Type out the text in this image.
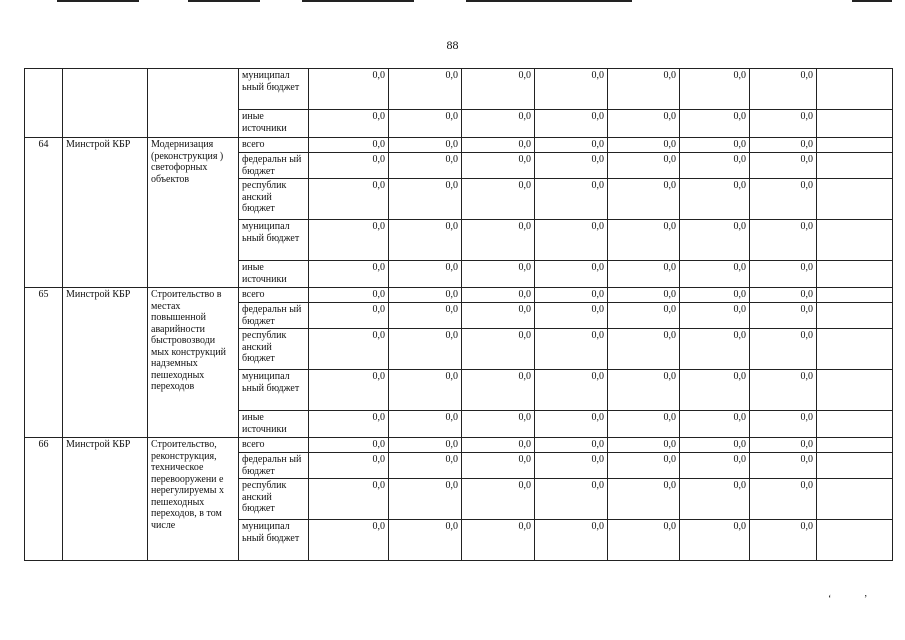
88
			муниципал ьный бюджет	0,0	0,0	0,0	0,0	0,0	0,0	0,0	
			иные источники	0,0	0,0	0,0	0,0	0,0	0,0	0,0	
64	Минстрой КБР	Модернизация (реконструкция ) светофорных объектов	всего	0,0	0,0	0,0	0,0	0,0	0,0	0,0	
			федеральн ый бюджет	0,0	0,0	0,0	0,0	0,0	0,0	0,0	
			республик анский бюджет	0,0	0,0	0,0	0,0	0,0	0,0	0,0	
			муниципал ьный бюджет	0,0	0,0	0,0	0,0	0,0	0,0	0,0	
			иные источники	0,0	0,0	0,0	0,0	0,0	0,0	0,0	
65	Минстрой КБР	Строительство в местах повышенной аварийности быстровозводи мых конструкций надземных пешеходных переходов	всего	0,0	0,0	0,0	0,0	0,0	0,0	0,0	
			федеральн ый бюджет	0,0	0,0	0,0	0,0	0,0	0,0	0,0	
			республик анский бюджет	0,0	0,0	0,0	0,0	0,0	0,0	0,0	
			муниципал ьный бюджет	0,0	0,0	0,0	0,0	0,0	0,0	0,0	
			иные источники	0,0	0,0	0,0	0,0	0,0	0,0	0,0	
66	Минстрой КБР	Строительство, реконструкция, техническое перевооружени е нерегулируемы х пешеходных переходов, в том числе	всего	0,0	0,0	0,0	0,0	0,0	0,0	0,0	
			федеральн ый бюджет	0,0	0,0	0,0	0,0	0,0	0,0	0,0	
			республик анский бюджет	0,0	0,0	0,0	0,0	0,0	0,0	0,0	
			муниципал ьный бюджет	0,0	0,0	0,0	0,0	0,0	0,0	0,0	
‘	’
